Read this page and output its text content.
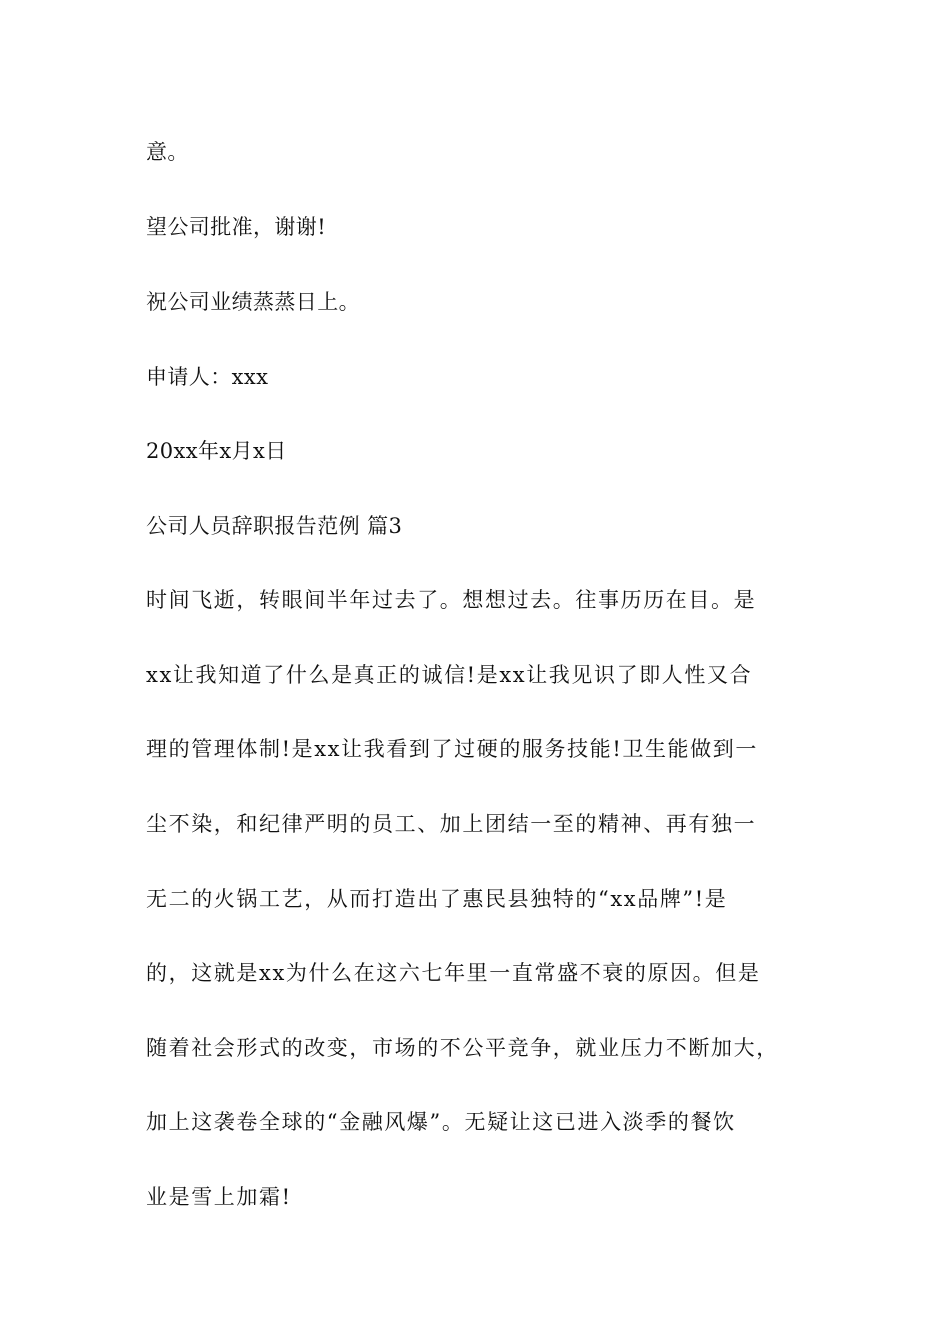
意。

望公司批准，谢谢!

祝公司业绩蒸蒸日上。

申请人：xxx

20xx年x月x日

公司人员辞职报告范例 篇3

时间飞逝，转眼间半年过去了。想想过去。往事历历在目。是

xx让我知道了什么是真正的诚信!是xx让我见识了即人性又合

理的管理体制!是xx让我看到了过硬的服务技能!卫生能做到一

尘不染，和纪律严明的员工、加上团结一至的精神、再有独一

无二的火锅工艺，从而打造出了惠民县独特的“xx品牌”!是

的，这就是xx为什么在这六七年里一直常盛不衰的原因。但是

随着社会形式的改变，市场的不公平竞争，就业压力不断加大，

加上这袭卷全球的“金融风爆”。无疑让这已进入淡季的餐饮

业是雪上加霜!
